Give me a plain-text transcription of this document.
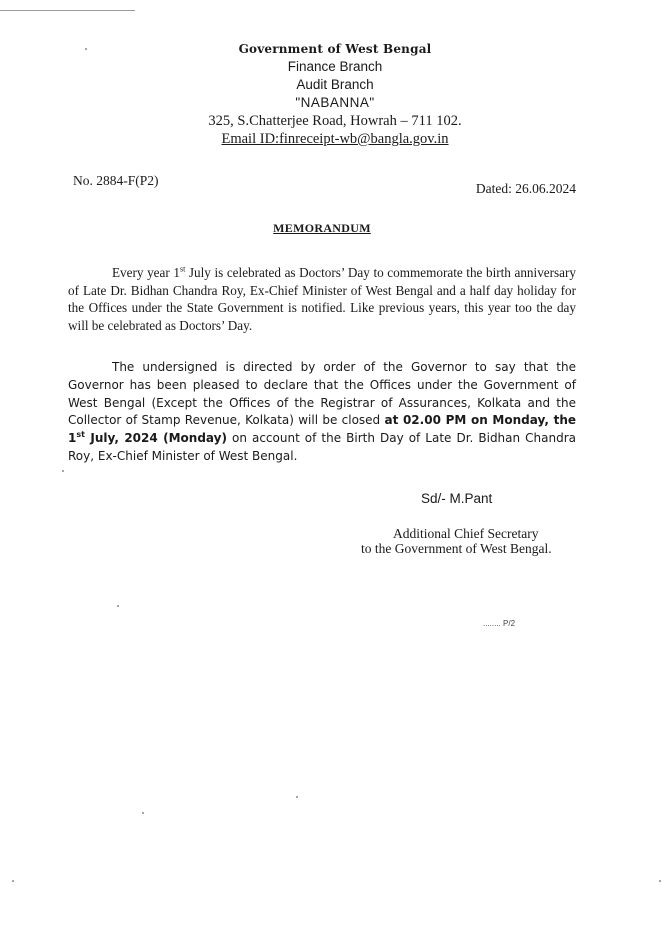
Government of West Bengal
Finance Branch
Audit Branch
"NABANNA"
325, S.Chatterjee Road, Howrah – 711 102.
Email ID:finreceipt-wb@bangla.gov.in
No. 2884-F(P2)
Dated: 26.06.2024
MEMORANDUM
Every year 1st July is celebrated as Doctors’ Day to commemorate the birth anniversary of Late Dr. Bidhan Chandra Roy, Ex-Chief Minister of West Bengal and a half day holiday for the Offices under the State Government is notified. Like previous years, this year too the day will be celebrated as Doctors’ Day.
The undersigned is directed by order of the Governor to say that the Governor has been pleased to declare that the Offices under the Government of West Bengal (Except the Offices of the Registrar of Assurances, Kolkata and the Collector of Stamp Revenue, Kolkata) will be closed at 02.00 PM on Monday, the 1st July, 2024 (Monday) on account of the Birth Day of Late Dr. Bidhan Chandra Roy, Ex-Chief Minister of West Bengal.
Sd/- M.Pant
Additional Chief Secretary
to the Government of West Bengal.
........ P/2
